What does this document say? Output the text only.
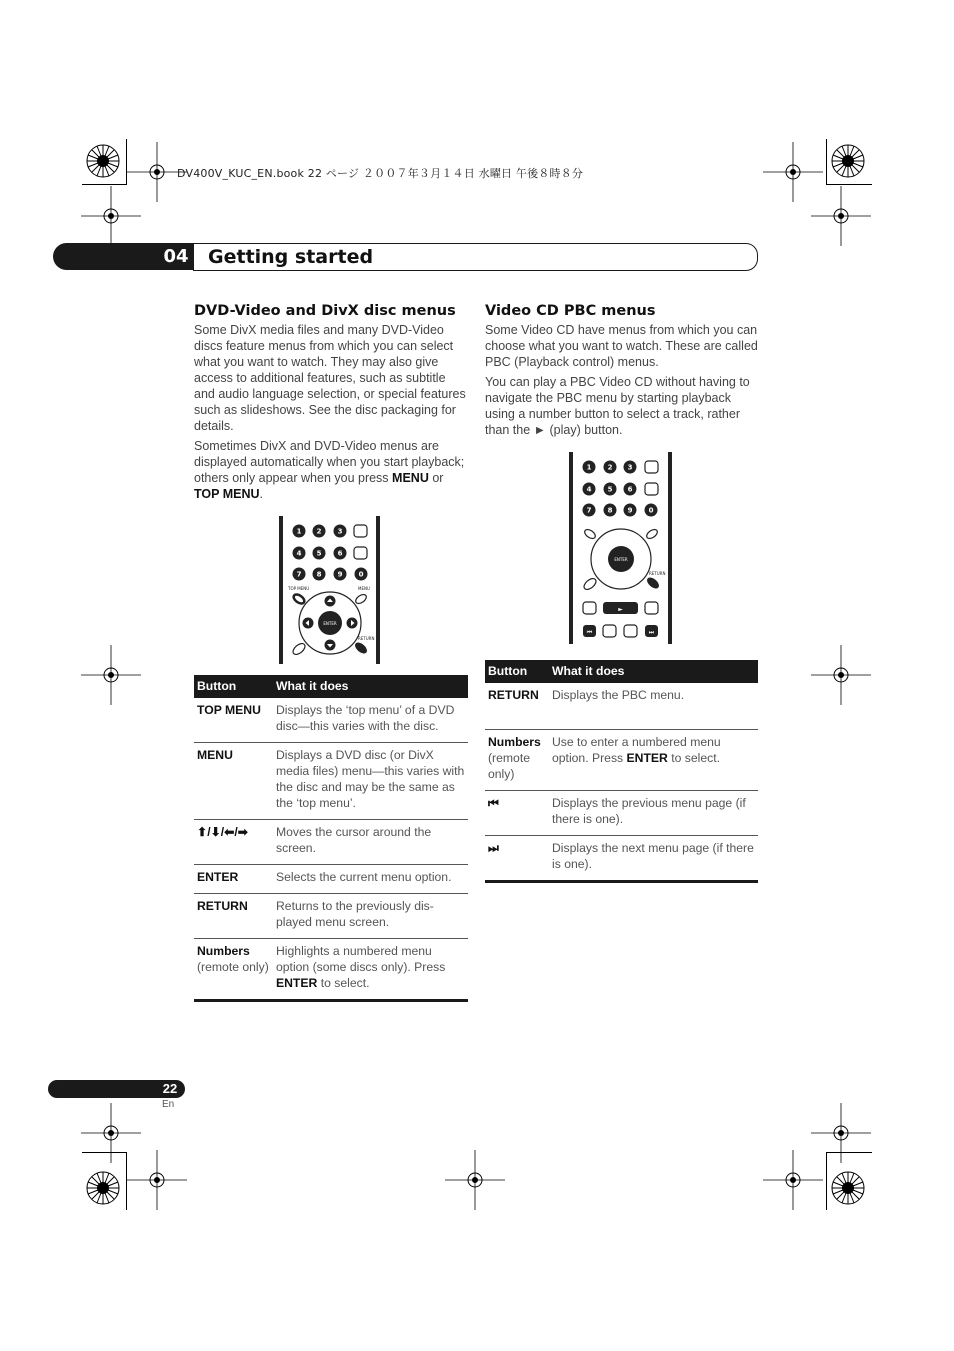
DV400V_KUC_EN.book 22 ページ ２００７年３月１４日 水曜日 午後８時８分
04 Getting started
DVD-Video and DivX disc menus

Some DivX media files and many DVD-Video discs feature menus from which you can select what you want to watch. They may also give access to additional features, such as subtitle and audio language selection, or special features such as slideshows. See the disc packaging for details.

Sometimes DivX and DVD-Video menus are displayed automatically when you start playback; others only appear when you press MENU or TOP MENU.

1 2 3
4 5 6
7 8 9 0
TOP MENU	MENU
ENTER
RETURN
Button	What it does
TOP MENU	Displays the ‘top menu’ of a DVD disc—this varies with the disc.
MENU	Displays a DVD disc (or DivX media files) menu—this varies with the disc and may be the same as the ‘top menu’.
⬆/⬇/⬅/➡	Moves the cursor around the screen.
ENTER	Selects the current menu option.
RETURN	Returns to the previously dis-played menu screen.
Numbers
(remote only)	Highlights a numbered menu option (some discs only). Press ENTER to select.
Video CD PBC menus

Some Video CD have menus from which you can choose what you want to watch. These are called PBC (Playback control) menus.

You can play a PBC Video CD without having to navigate the PBC menu by starting playback using a number button to select a track, rather than the ► (play) button.

1 2 3
4 5 6
7 8 9 0
ENTER
RETURN
►
⏮	⏭
Button	What it does
RETURN	Displays the PBC menu.
Numbers
(remote only)	Use to enter a numbered menu option. Press ENTER to select.
⏮	Displays the previous menu page (if there is one).
⏭	Displays the next menu page (if there is one).
22
En
